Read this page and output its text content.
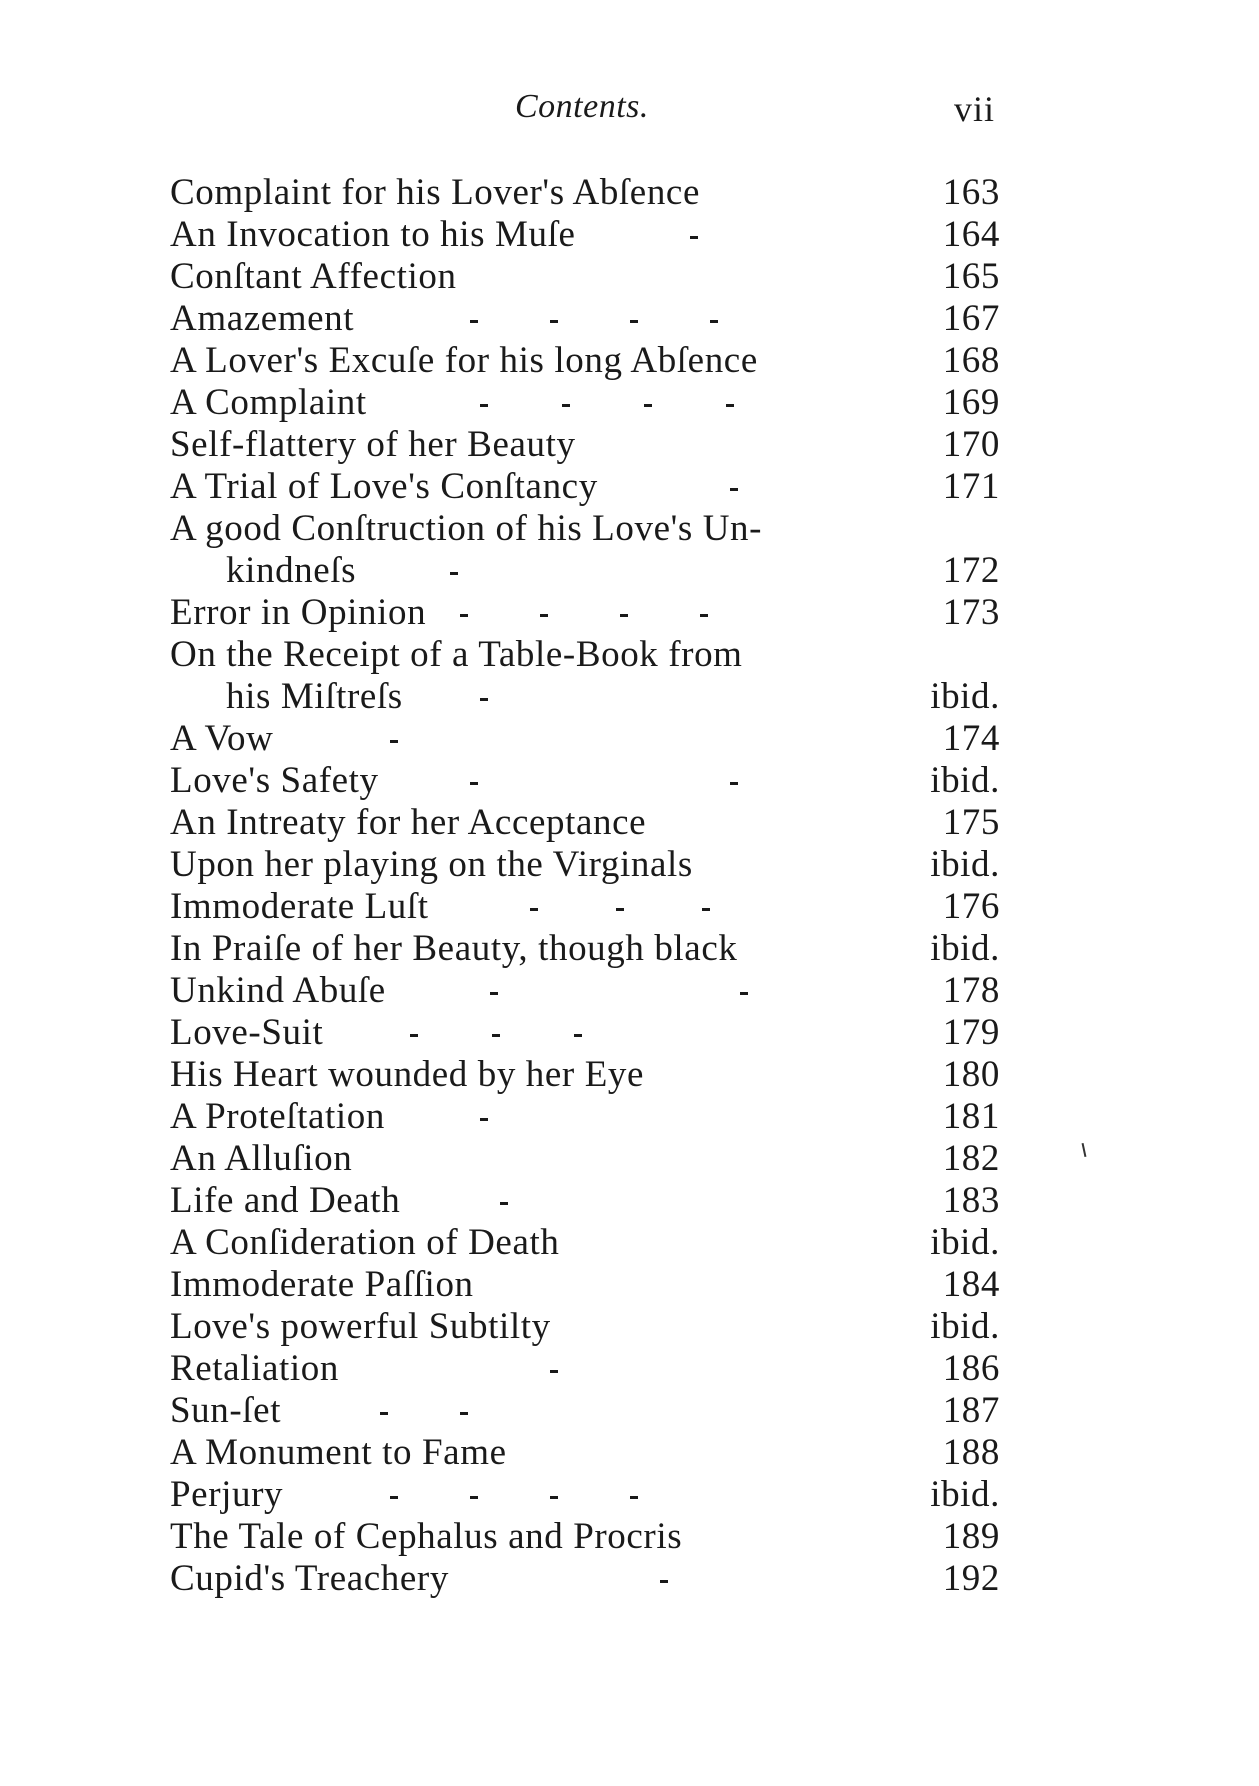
Contents.	vii
Complaint for his Lover's Abſence	163
An Invocation to his Muſe	164
Conſtant Affection	165
Amazement	167
A Lover's Excuſe for his long Abſence	168
A Complaint	169
Self-flattery of her Beauty	170
A Trial of Love's Conſtancy	171
A good Conſtruction of his Love's Un-
kindneſs	172
Error in Opinion	173
On the Receipt of a Table-Book from
his Miſtreſs	ibid.
A Vow	174
Love's Safety	ibid.
An Intreaty for her Acceptance	175
Upon her playing on the Virginals	ibid.
Immoderate Luſt	176
In Praiſe of her Beauty, though black	ibid.
Unkind Abuſe	178
Love-Suit	179
His Heart wounded by her Eye	180
A Proteſtation	181
An Alluſion	182
Life and Death	183
A Conſideration of Death	ibid.
Immoderate Paſſion	184
Love's powerful Subtilty	ibid.
Retaliation	186
Sun-ſet	187
A Monument to Fame	188
Perjury	ibid.
The Tale of Cephalus and Procris	189
Cupid's Treachery	192
